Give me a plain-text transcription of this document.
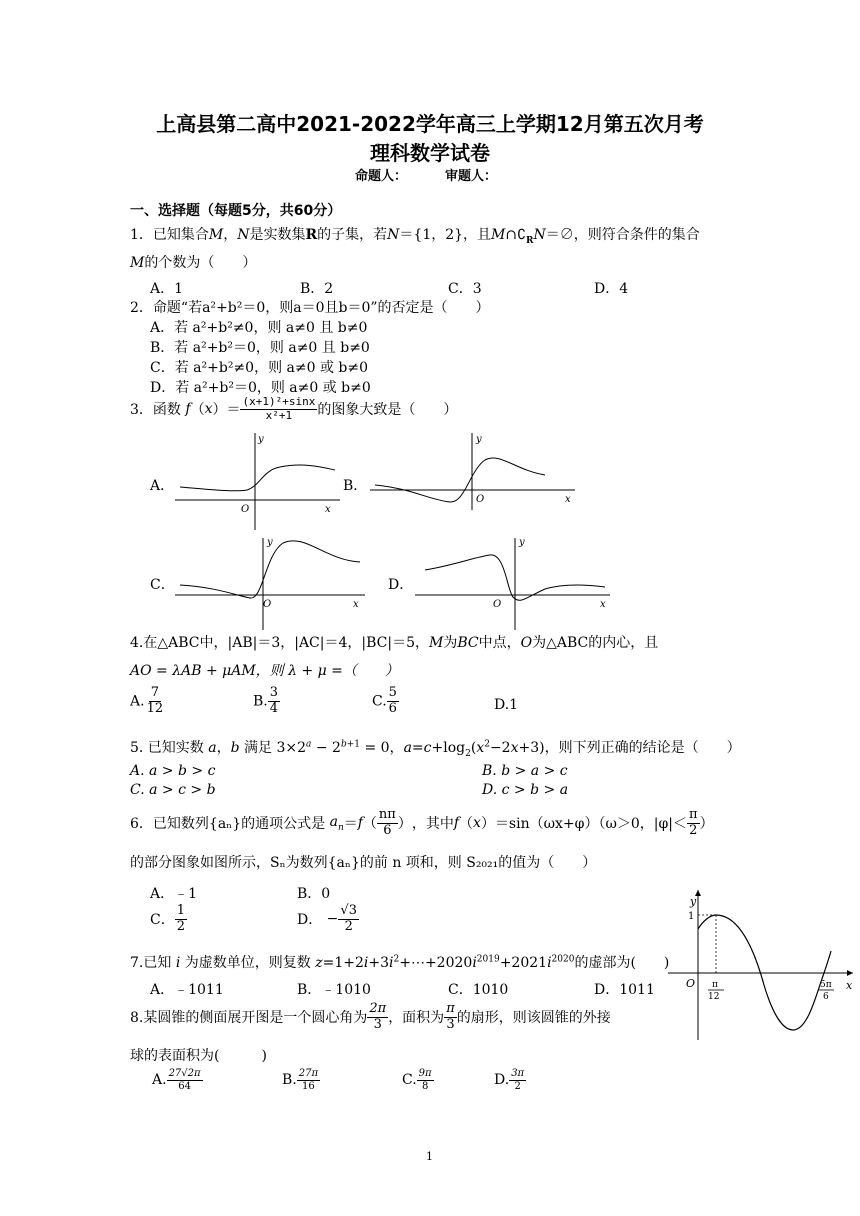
上高县第二高中2021-2022学年高三上学期12月第五次月考
理科数学试卷
命题人：	审题人：
一、选择题（每题5分，共60分）
1．已知集合M，N是实数集R的子集，若N＝{1，2}，且$M\cap∁_RN=\emptyset$，则符合条件的集合
M的个数为（　　）
A．1	B．2	C．3	D．4
2．命题“若a²+b²＝0，则a＝0且b＝0”的否定是（　　）
A．若 a²+b²≠0，则 a≠0 且 b≠0
B．若 a²+b²＝0，则 a≠0 且 b≠0
C．若 a²+b²≠0，则 a≠0 或 b≠0
D．若 a²+b²＝0，则 a≠0 或 b≠0
3．函数 f （ x ）＝ $\frac{\text{(x+1)²+sinx}}{\text{x²+1}}$ 的图象大致是（　　）
A．	B．
C．	D．
y
x
O
y
x
O
y
x
O
y
x
O
4.在△ABC中，|AB|＝3，|AC|＝4，|BC|＝5，M为BC中点，O为△ABC的内心，且
AO = λAB + μAM，则 λ + μ =（　　）
A. $\frac{7}{12}$	B. $\frac{3}{4}$	C. $\frac{5}{6}$	D.1
5. 已知实数 a，b 满足 $3\times 2^a - 2^{b+1} = 0$，$a=c+\log_2(x^2-2x+3)$，则下列正确的结论是（　　）
A. a > b > c	B. b > a > c
C. a > c > b	D. c > b > a
6．已知数列{aₙ}的通项公式是
$a_n = f$ （ $\frac{n\pi}{6}$ ） ，其中 f （ x ） ＝sin（ωx+φ）（ω＞0，$|\varphi|< \frac{\pi}{2}$ ）
的部分图象如图所示，Sₙ为数列{aₙ}的前 n 项和，则 S₂₀₂₁的值为（　　）
A．﹣1	B．0
C． $\frac{1}{2}$	D． − $\frac{√3}{2}$
y
x
O
1
π
12
5π
6
7.已知 i 为虚数单位，则复数 $z=1+2i+3i^2+\cdots+2020i^{2019}+2021i^{2020}$的虚部为(　　)
A．﹣1011	B．﹣1010	C．1010	D．1011
8.某圆锥的侧面展开图是一个圆心角为 $\frac{2\pi}{3}$ ，面积为 $\frac{\pi}{3}$ 的扇形，则该圆锥的外接
球的表面积为(　　　)
A. $\frac{27√2\pi}{64}$	B. $\frac{27\pi}{16}$	C. $\frac{9\pi}{8}$	D. $\frac{3\pi}{2}$
1
